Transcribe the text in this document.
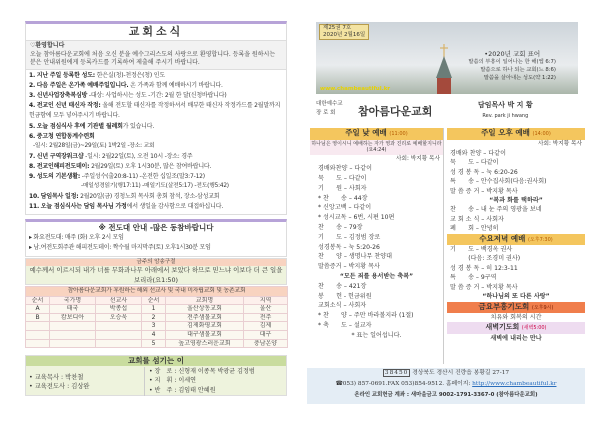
교회소식
♡환영합니다
오늘 참아름다운교회에 처음 오신 분을 예수그리스도의 사랑으로 환영합니다. 등록을 원하시는 분은 안내위원에게 등록카드를 기록하여 제출해 주시기 바랍니다.
1. 지난 주일 등록한 성도: 한은실(청)-천정은(청) 인도
2. 다음 주일은 온가족 예배주일입니다. 온 가족과 함께 예배하시기 바랍니다.
3. 신년사업장축복심방 -대상: 사업하시는 성도 -기간: 2월 한 달(신청바랍니다)
4. 전교인 신년 태신자 작정: 올해 전도할 태신자를 작정하셔서 배부한 태신자 작정카드를 2월말까지 헌금함에 모두 넣어주시기 바랍니다.
5. 오늘 점심식사 후에 기관별 월례회가 있습니다.
6. 중고청 연합동계수련회
-일시: 2월28일(금)~29일(토) 1박2일 -장소: 교회
7. 신년 구역장워크샵 -일시: 2월22일(토), 오전 10시 -장소: 경주
8. 전교인해피전도데이: 2월29일(토) 오후 1시30분, 많은 참여바랍니다.
9. 성도의 기본생활: -주일성수(출20:8-11) -온전한 십일조(말3:7-12)
-매일성경읽기(행17:11) -매일기도(살전5:17) -전도(행5:42)
10. 담임목사 일정: 2월20일(금) 경청노회 목사회 총회 참석, 장소-삼성교회
11. 오늘 점심식사는 담임 목사님 가정에서 생일을 감사함으로 대접하십니다.
※ 전도대 안내 -많은 동참바랍니다
▸ 화요전도대: 매주 (화) 오후 2시 모임
▸ 남.여전도회주관 해피전도데이: 짝수월 마지막주(토) 오후1시30분 모임
금주의 암송구절
예수께서 이르시되 내가 너를 무화과나무 아래에서 보았다 하므로 믿느냐 이보다 더 큰 일을 보리라(요1:50)
참아름다운교회가 후원하는 해외 선교사 및 국내 미자립교회 및 농촌교회					
순서	국가명	선교사	순서	교회명	지역
A	태국	박종섭	1	울산상동교회	울산
B	캄보디아	오승욱	2	전주샘물교회	전주
			3	김제화평교회	김제
			4	대구샘물교회	대구
			5	높고영광스러운교회	충남온양
교회를 섬기는 이
• 교육목사 : 박찬철
• 교육전도사 : 김상완
• 장　로 : 신형재 이종목 박광균 김정범
• 지　휘 : 이세연
• 반　주 : 김임태 안혜원
제25권 7호
2020년 2월16일
•2020년 교회 표어
말씀의 부흥이 일어나는 한 해(엡 6:7)
말씀으로 하나 되는 교회(느 8:6)
말씀을 살아내는 성도(약 1:22)
www.chambeautiful.kr
대한예수교
장 로 회	참아름다운교회	담임목사 박 지 황
Rev. park ji hwang
주일 낮 예배 (11:00)
하나님은 영이시니 예배하는 자가 영과 진리로 예배할지니라(요4:24)
사회: 박지황 목사
경배와찬양 – 다같이
묵　　도 – 다같이
기　　원 – 사회자
* 찬　　송 – 44장
* 신앙고백 – 다같이
* 성시교독 – 6번, 시편 10편
찬　　송 – 79장
기　　도 – 김정범 장로
성경봉독 – 눅 5:20-26
찬　　양 – 생명나무 찬양대
말씀증거 – 박지황 목사
“모든 죄를 용서받는 축복”
찬　　송 – 421장
봉　　헌 - 헌금위원
교회소식 – 사회자
* 찬　　양 – 주만 바라볼지라 (1절)
* 축　　도 – 설교자
* 표는 일어섭니다.
주일 오후 예배 (14:00)
사회: 박지황 목사
경배와 찬양 – 다같이
묵　　도 – 다같이
성 경 봉 독 – 눅 6:20-26
특　　송 – 안수집사회(다음:권사회)
말 씀 증 거 – 박지황 목사
“복과 화를 택하라”
찬　　송 – 내 눈 주의 영광을 보네
교 회 소 식 – 사회자
폐　　회 – 안녕히
수요저녁 예배 (오후7:30)
기　　도 – 백경옥 권사
　　　(다음: 조경미 권사)
성 경 봉 독 – 히 12:3-11
특　　송 – 9구역
말 씀 증 거 – 박지황 목사
“하나님의 또 다른 사랑”
금요부흥기도회 (오후9시)
치유와 회복의 시간
새벽기도회 (새벽5:00)
새벽에 내리는 만나
38450 경상북도 경산시 진량읍 봉황길 27-17
☎053) 857-0691.FAX 053)854-9512. 홈페이지: http://www.chambeautiful.kr
온라인 교회헌금 계좌 : 새마을금고 9002-1791-3367-0 (참아름다운교회)
